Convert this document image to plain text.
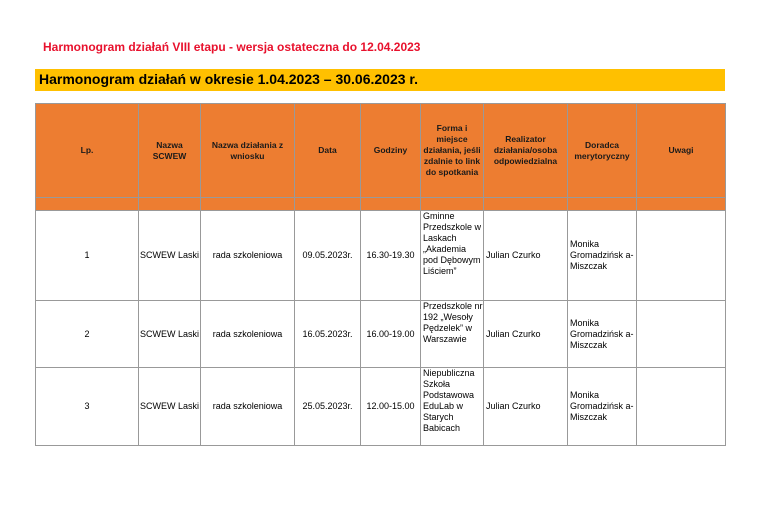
Harmonogram działań VIII etapu - wersja ostateczna do 12.04.2023
Harmonogram działań w okresie 1.04.2023 – 30.06.2023 r.
Lp.	Nazwa SCWEW	Nazwa działania z wniosku	Data	Godziny	Forma i miejsce działania, jeśli zdalnie to link do spotkania	Realizator działania/osoba odpowiedzialna	Doradca merytoryczny	Uwagi

1	SCWEW Laski	rada szkoleniowa	09.05.2023r.	16.30-19.30	Gminne Przedszkole w Laskach „Akademia pod Dębowym Liściem”	Julian Czurko	Monika Gromadzińsk a-Miszczak	
2	SCWEW Laski	rada szkoleniowa	16.05.2023r.	16.00-19.00	Przedszkole nr 192 „Wesoły Pędzelek” w Warszawie	Julian Czurko	Monika Gromadzińsk a-Miszczak	
3	SCWEW Laski	rada szkoleniowa	25.05.2023r.	12.00-15.00	Niepubliczna Szkoła Podstawowa EduLab w Starych Babicach	Julian Czurko	Monika Gromadzińsk a-Miszczak	
